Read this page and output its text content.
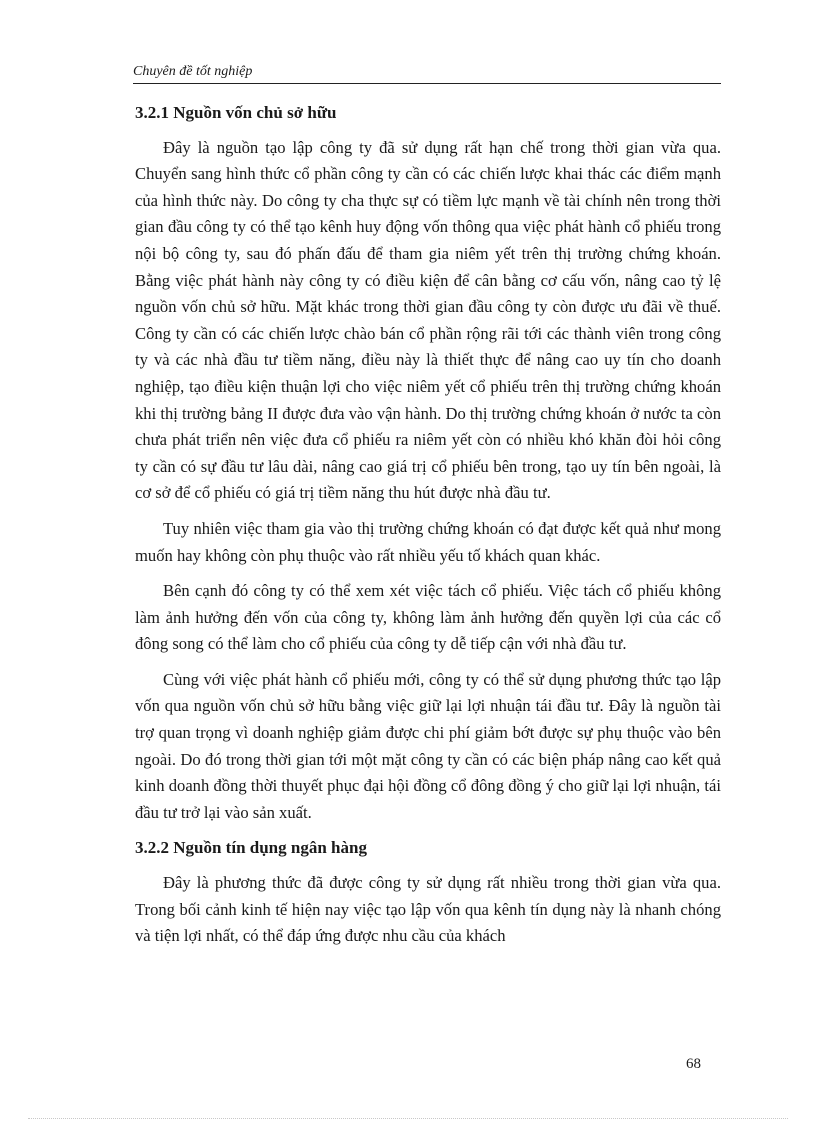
Chuyên đề tốt nghiệp
3.2.1 Nguồn vốn chủ sở hữu

Đây là nguồn tạo lập công ty đã sử dụng rất hạn chế trong thời gian vừa qua. Chuyển sang hình thức cổ phần công ty cần có các chiến lược khai thác các điểm mạnh của hình thức này. Do công ty cha thực sự có tiềm lực mạnh về tài chính nên trong thời gian đầu công ty có thể tạo kênh huy động vốn thông qua việc phát hành cổ phiếu trong nội bộ công ty, sau đó phấn đấu để tham gia niêm yết trên thị trường chứng khoán. Bằng việc phát hành này công ty có điều kiện để cân bằng cơ cấu vốn, nâng cao tỷ lệ nguồn vốn chủ sở hữu. Mặt khác trong thời gian đầu công ty còn được ưu đãi về thuế. Công ty cần có các chiến lược chào bán cổ phần rộng rãi tới các thành viên trong công ty và các nhà đầu tư tiềm năng, điều này là thiết thực để nâng cao uy tín cho doanh nghiệp, tạo điều kiện thuận lợi cho việc niêm yết cổ phiếu trên thị trường chứng khoán khi thị trường bảng II được đưa vào vận hành. Do thị trường chứng khoán ở nước ta còn chưa phát triển nên việc đưa cổ phiếu ra niêm yết còn có nhiều khó khăn đòi hỏi công ty cần có sự đầu tư lâu dài, nâng cao giá trị cổ phiếu bên trong, tạo uy tín bên ngoài, là cơ sở để cổ phiếu có giá trị tiềm năng thu hút được nhà đầu tư.

Tuy nhiên việc tham gia vào thị trường chứng khoán có đạt được kết quả như mong muốn hay không còn phụ thuộc vào rất nhiều yếu tố khách quan khác.

Bên cạnh đó công ty có thể xem xét việc tách cổ phiếu. Việc tách cổ phiếu không làm ảnh hưởng đến vốn của công ty, không làm ảnh hưởng đến quyền lợi của các cổ đông song có thể làm cho cổ phiếu của công ty dễ tiếp cận với nhà đầu tư.

Cùng với việc phát hành cổ phiếu mới, công ty có thể sử dụng phương thức tạo lập vốn qua nguồn vốn chủ sở hữu bằng việc giữ lại lợi nhuận tái đầu tư. Đây là nguồn tài trợ quan trọng vì doanh nghiệp giảm được chi phí giảm bớt được sự phụ thuộc vào bên ngoài. Do đó trong thời gian tới một mặt công ty cần có các biện pháp nâng cao kết quả kinh doanh đồng thời thuyết phục đại hội đồng cổ đông đồng ý cho giữ lại lợi nhuận, tái đầu tư trở lại vào sản xuất.

3.2.2 Nguồn tín dụng ngân hàng

Đây là phương thức đã được công ty sử dụng rất nhiều trong thời gian vừa qua. Trong bối cảnh kinh tế hiện nay việc tạo lập vốn qua kênh tín dụng này là nhanh chóng và tiện lợi nhất, có thể đáp ứng được nhu cầu của khách

68
